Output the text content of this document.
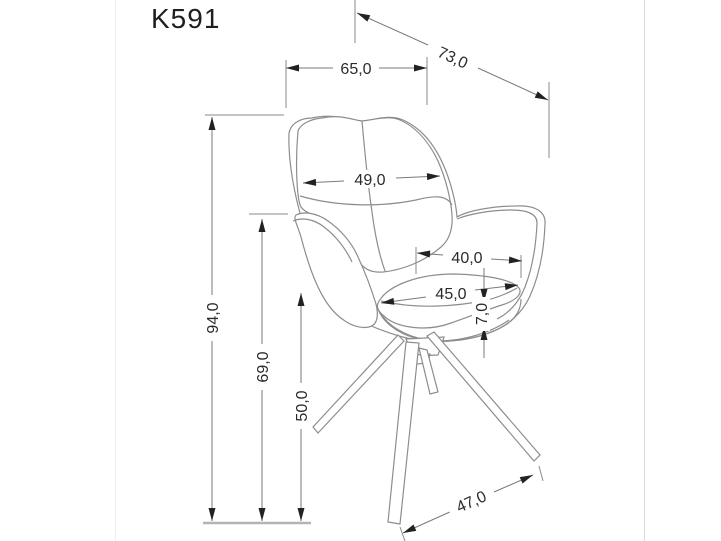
K591
65,0	73,0
49,0
40,0
45,0
7,0
94,0
69,0
50,0
47,0
